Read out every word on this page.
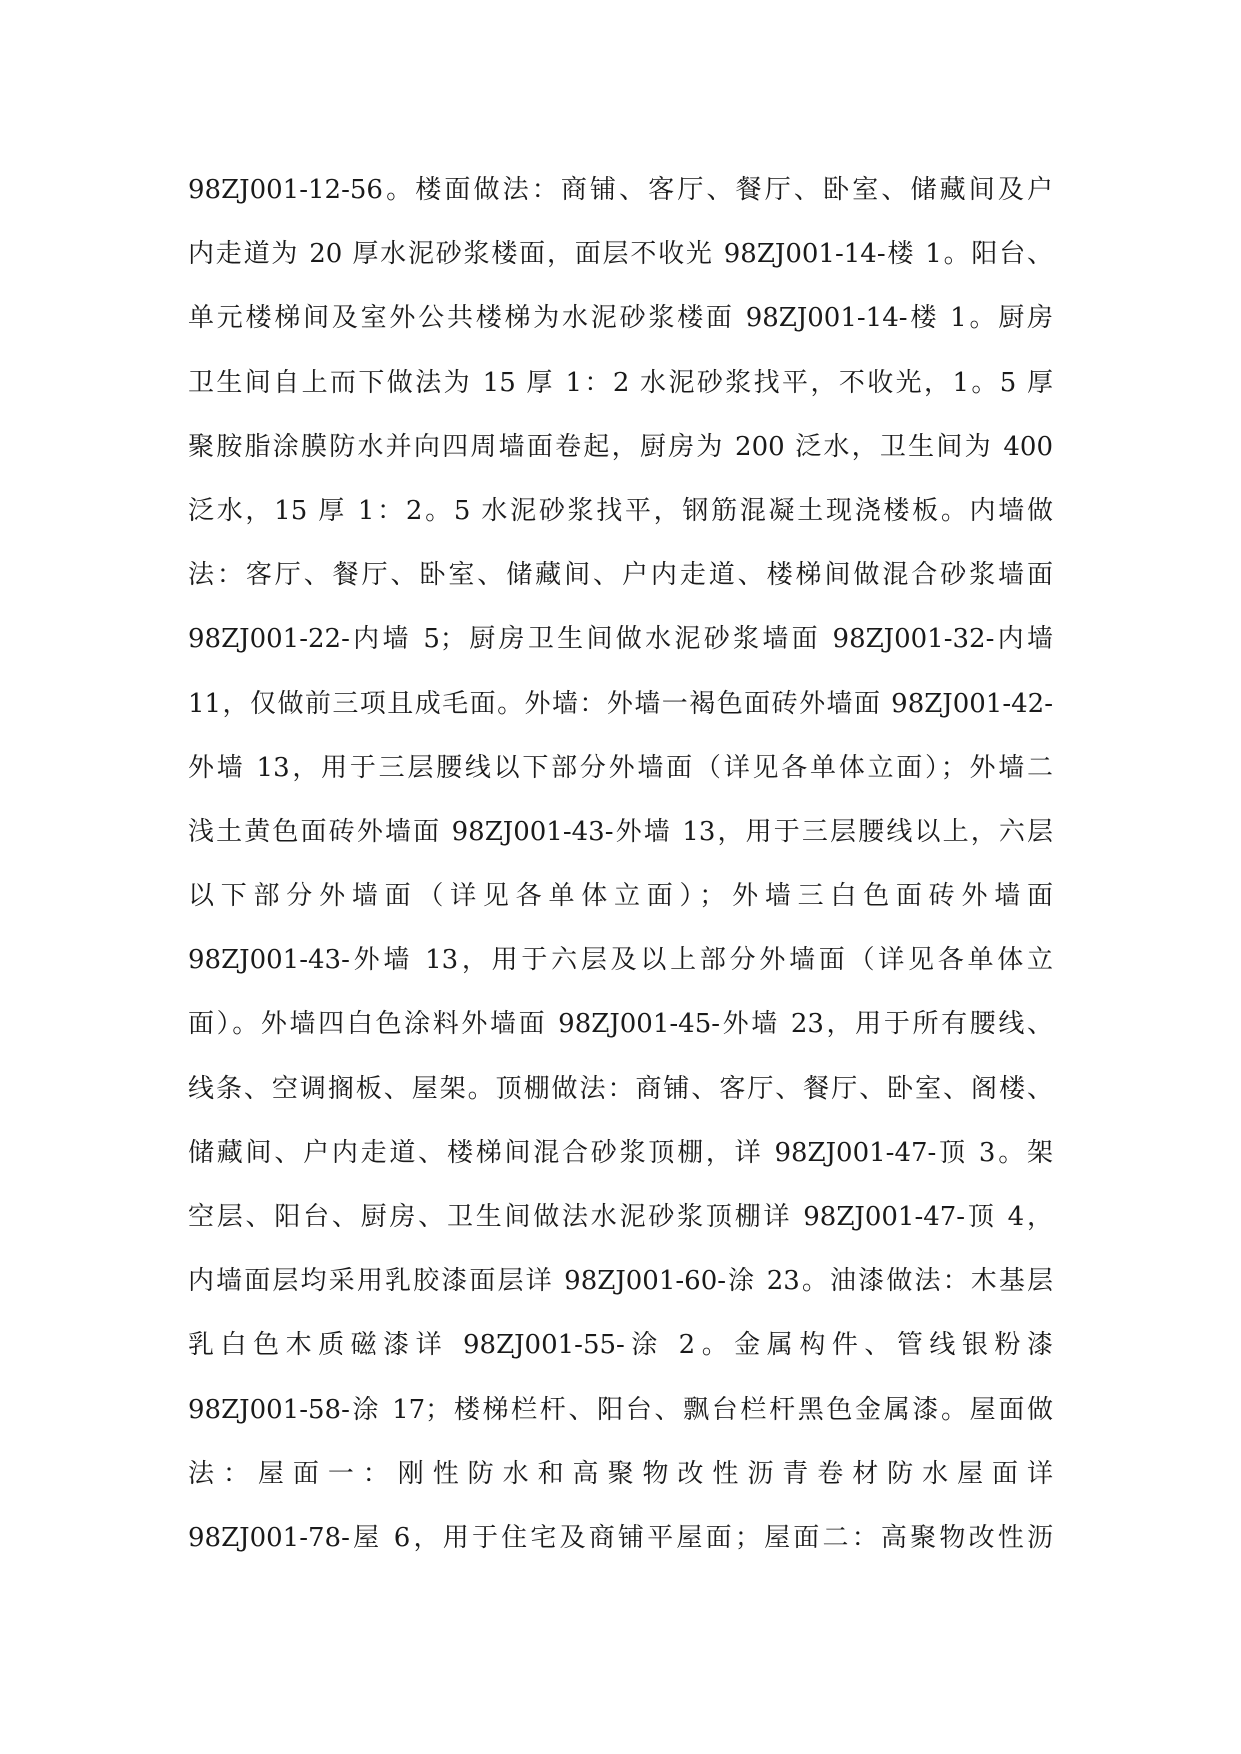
98ZJ001-12-56。楼面做法：商铺、客厅、餐厅、卧室、储藏间及户
内走道为 20 厚水泥砂浆楼面，面层不收光 98ZJ001-14-楼 1。阳台、
单元楼梯间及室外公共楼梯为水泥砂浆楼面 98ZJ001-14-楼 1。厨房
卫生间自上而下做法为 15 厚 1：2 水泥砂浆找平，不收光，1。5 厚
聚胺脂涂膜防水并向四周墙面卷起，厨房为 200 泛水，卫生间为 400
泛水，15 厚 1：2。5 水泥砂浆找平，钢筋混凝土现浇楼板。内墙做
法：客厅、餐厅、卧室、储藏间、户内走道、楼梯间做混合砂浆墙面
98ZJ001-22-内墙 5；厨房卫生间做水泥砂浆墙面 98ZJ001-32-内墙
11，仅做前三项且成毛面。外墙：外墙一褐色面砖外墙面 98ZJ001-42-
外墙 13，用于三层腰线以下部分外墙面（详见各单体立面）；外墙二
浅土黄色面砖外墙面 98ZJ001-43-外墙 13，用于三层腰线以上，六层
以下部分外墙面（详见各单体立面）；外墙三白色面砖外墙面
98ZJ001-43-外墙 13，用于六层及以上部分外墙面（详见各单体立
面）。外墙四白色涂料外墙面 98ZJ001-45-外墙 23，用于所有腰线、
线条、空调搁板、屋架。顶棚做法：商铺、客厅、餐厅、卧室、阁楼、
储藏间、户内走道、楼梯间混合砂浆顶棚，详 98ZJ001-47-顶 3。架
空层、阳台、厨房、卫生间做法水泥砂浆顶棚详 98ZJ001-47-顶 4，
内墙面层均采用乳胶漆面层详 98ZJ001-60-涂 23。油漆做法：木基层
乳白色木质磁漆详 98ZJ001-55-涂 2。金属构件、管线银粉漆
98ZJ001-58-涂 17；楼梯栏杆、阳台、飘台栏杆黑色金属漆。屋面做
法：屋面一：刚性防水和高聚物改性沥青卷材防水屋面详
98ZJ001-78-屋 6，用于住宅及商铺平屋面；屋面二：高聚物改性沥
